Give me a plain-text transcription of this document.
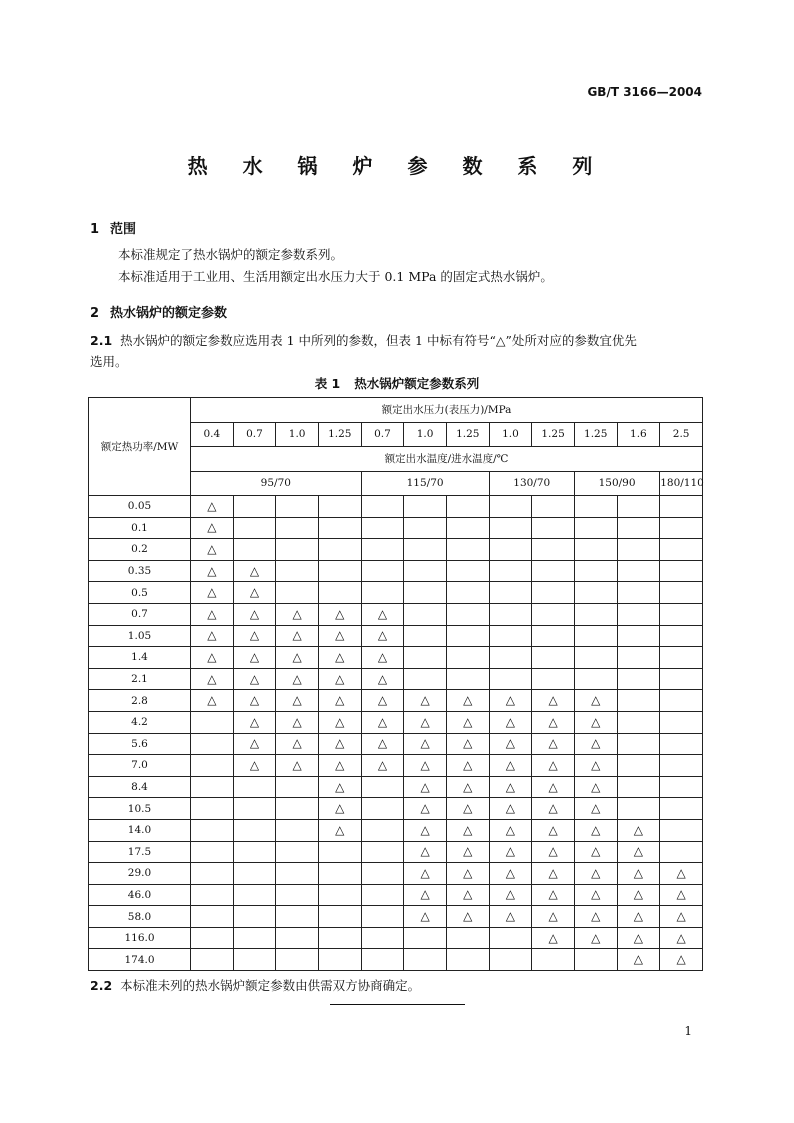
GB/T 3166—2004
热 水 锅 炉 参 数 系 列
1 范围
本标准规定了热水锅炉的额定参数系列。
本标准适用于工业用、生活用额定出水压力大于 0.1 MPa 的固定式热水锅炉。
2 热水锅炉的额定参数
2.1 热水锅炉的额定参数应选用表 1 中所列的参数，但表 1 中标有符号“△”处所对应的参数宜优先
选用。
表 1 热水锅炉额定参数系列
额定热功率/MW	额定出水压力(表压力)/MPa											
	0.4	0.7	1.0	1.25	0.7	1.0	1.25	1.0	1.25	1.25	1.6	2.5
	额定出水温度/进水温度/℃											
	95/70				115/70			130/70		150/90		180/110
0.05	△											
0.1	△											
0.2	△											
0.35	△	△										
0.5	△	△										
0.7	△	△	△	△	△							
1.05	△	△	△	△	△							
1.4	△	△	△	△	△							
2.1	△	△	△	△	△							
2.8	△	△	△	△	△	△	△	△	△	△		
4.2		△	△	△	△	△	△	△	△	△		
5.6		△	△	△	△	△	△	△	△	△		
7.0		△	△	△	△	△	△	△	△	△		
8.4				△		△	△	△	△	△		
10.5				△		△	△	△	△	△		
14.0				△		△	△	△	△	△	△	
17.5						△	△	△	△	△	△	
29.0						△	△	△	△	△	△	△
46.0						△	△	△	△	△	△	△
58.0						△	△	△	△	△	△	△
116.0									△	△	△	△
174.0											△	△
2.2 本标准未列的热水锅炉额定参数由供需双方协商确定。
1
